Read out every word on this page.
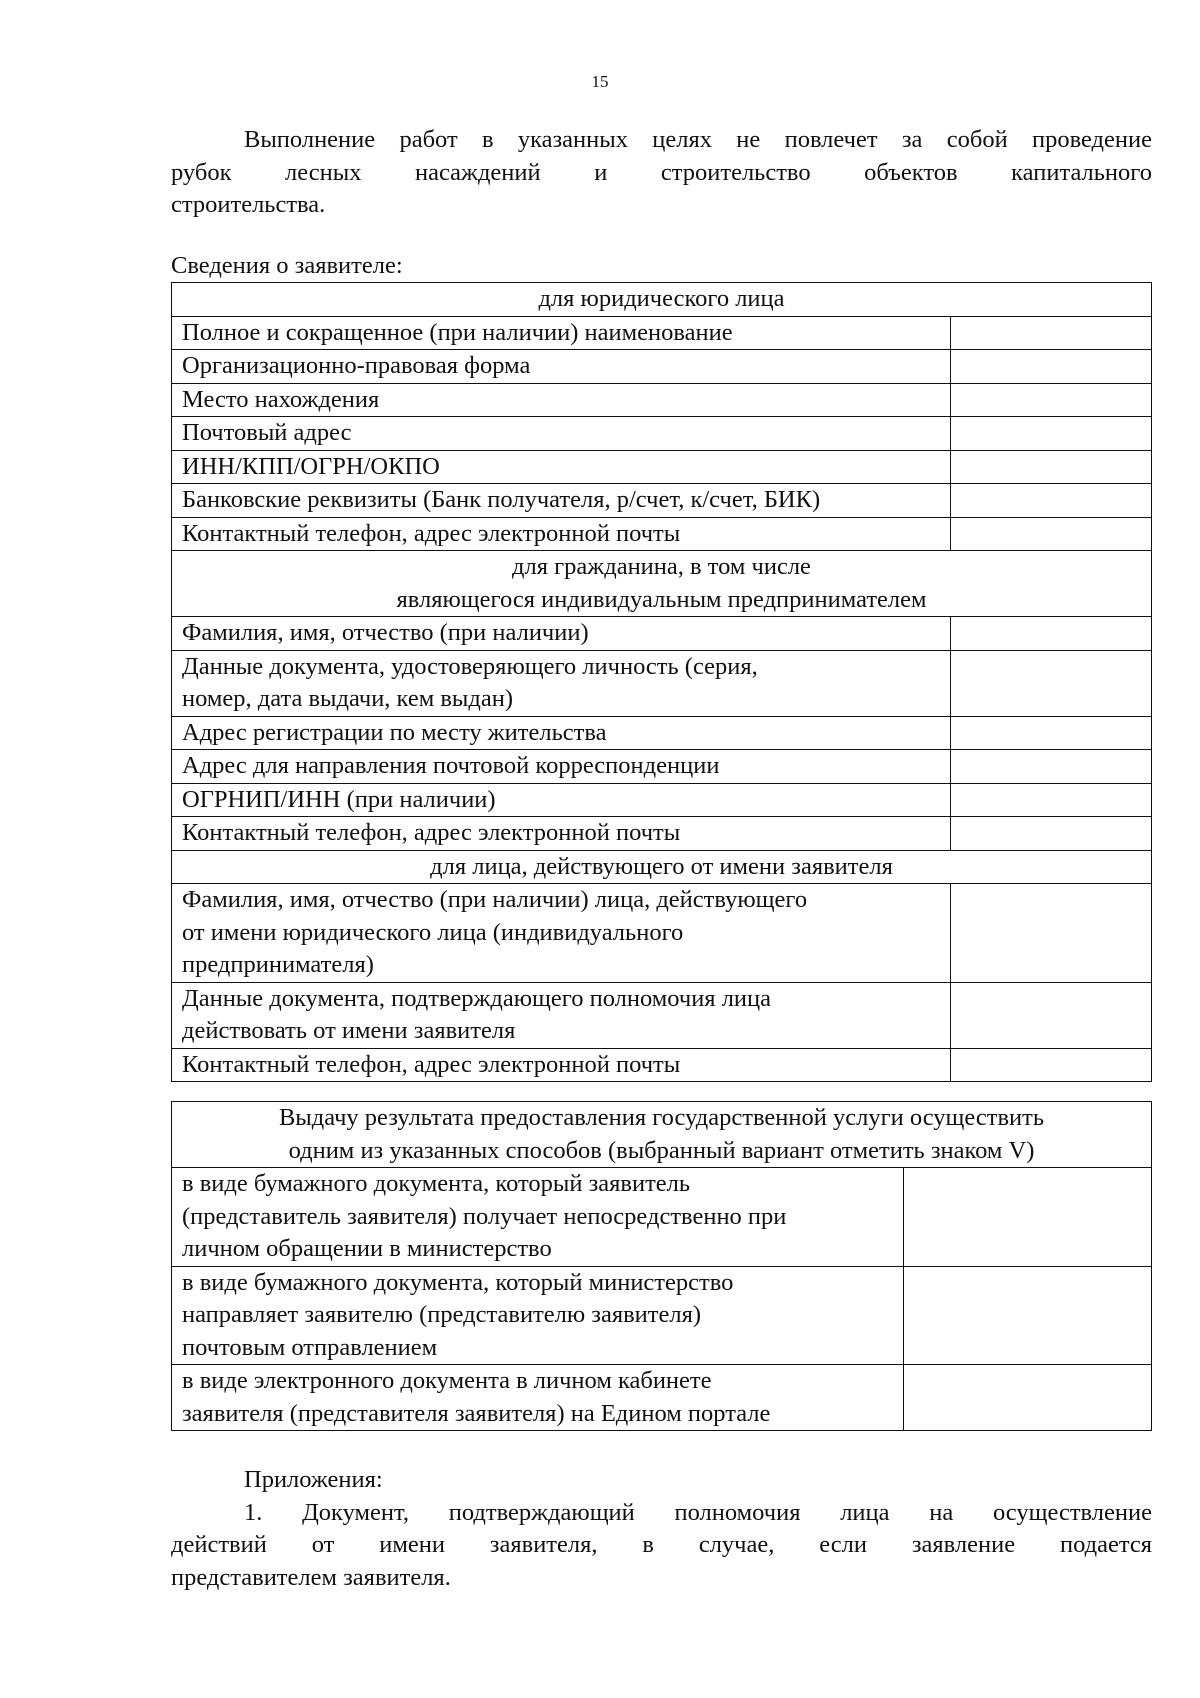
15
Выполнение работ в указанных целях не повлечет за собой проведение
рубок лесных насаждений и строительство объектов капитального
строительства.
Сведения о заявителе:
для юридического лица	

Полное и сокращенное (при наличии) наименование	
Организационно-правовая форма	
Место нахождения	
Почтовый адрес	
ИНН/КПП/ОГРН/ОКПО	
Банковские реквизиты (Банк получателя, р/счет, к/счет, БИК)	
Контактный телефон, адрес электронной почты	

для гражданина, в том числе
являющегося индивидуальным предпринимателем	

Фамилия, имя, отчество (при наличии)	

Данные документа, удостоверяющего личность (серия,
номер, дата выдачи, кем выдан)	

Адрес регистрации по месту жительства	
Адрес для направления почтовой корреспонденции	
ОГРНИП/ИНН (при наличии)	
Контактный телефон, адрес электронной почты	

для лица, действующего от имени заявителя	

Фамилия, имя, отчество (при наличии) лица, действующего
от имени юридического лица (индивидуального
предпринимателя)	

Данные документа, подтверждающего полномочия лица
действовать от имени заявителя	

Контактный телефон, адрес электронной почты	
Выдачу результата предоставления государственной услуги осуществить
одним из указанных способов (выбранный вариант отметить знаком V)	

в виде бумажного документа, который заявитель
(представитель заявителя) получает непосредственно при
личном обращении в министерство	

в виде бумажного документа, который министерство
направляет заявителю (представителю заявителя)
почтовым отправлением	

в виде электронного документа в личном кабинете
заявителя (представителя заявителя) на Едином портале	

Приложения:
1. Документ, подтверждающий полномочия лица на осуществление
действий от имени заявителя, в случае, если заявление подается
представителем заявителя.
